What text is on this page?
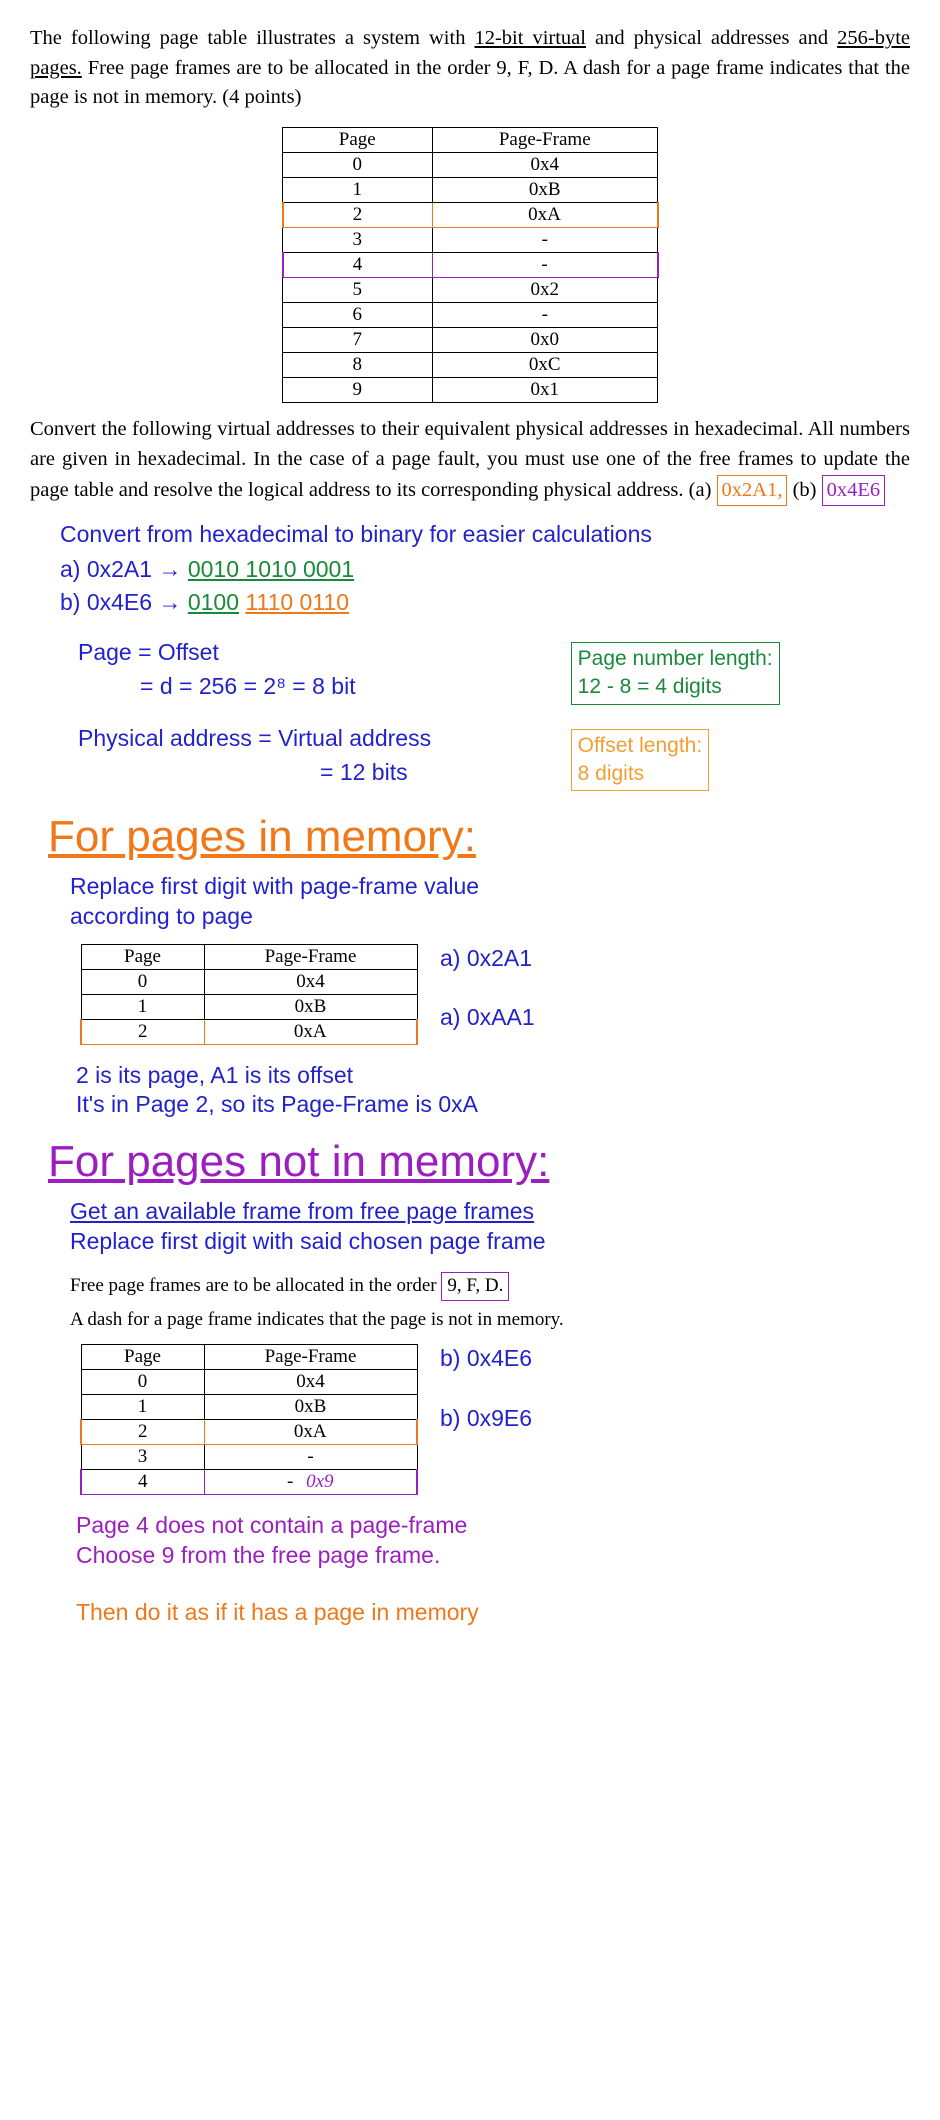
The following page table illustrates a system with 12-bit virtual and physical addresses and 256-byte pages. Free page frames are to be allocated in the order 9, F, D. A dash for a page frame indicates that the page is not in memory. (4 points)

Page	Page-Frame
0	0x4
1	0xB
2	0xA
3	-
4	-
5	0x2
6	-
7	0x0
8	0xC
9	0x1

Convert the following virtual addresses to their equivalent physical addresses in hexadecimal. All numbers are given in hexadecimal. In the case of a page fault, you must use one of the free frames to update the page table and resolve the logical address to its corresponding physical address. (a) 0x2A1, (b) 0x4E6

Convert from hexadecimal to binary for easier calculations
a) 0x2A1 → 0010 1010 0001
b) 0x4E6 → 0100 1110 0110
Page = Offset
= d = 256 = 2⁸ = 8 bit
Physical address = Virtual address
= 12 bits
Page number length:
12 - 8 = 4 digits

Offset length:
8 digits
For pages in memory:
Replace first digit with page-frame value
according to page
Page	Page-Frame
0	0x4
1	0xB
2	0xA
a) 0x2A1
a) 0xAA1
2 is its page, A1 is its offset
It's in Page 2, so its Page-Frame is 0xA
For pages not in memory:
Get an available frame from free page frames
Replace first digit with said chosen page frame
Free page frames are to be allocated in the order 9, F, D.
A dash for a page frame indicates that the page is not in memory.
Page	Page-Frame
0	0x4
1	0xB
2	0xA
3	-
4	- 0x9
b) 0x4E6
b) 0x9E6
Page 4 does not contain a page-frame
Choose 9 from the free page frame.
Then do it as if it has a page in memory
